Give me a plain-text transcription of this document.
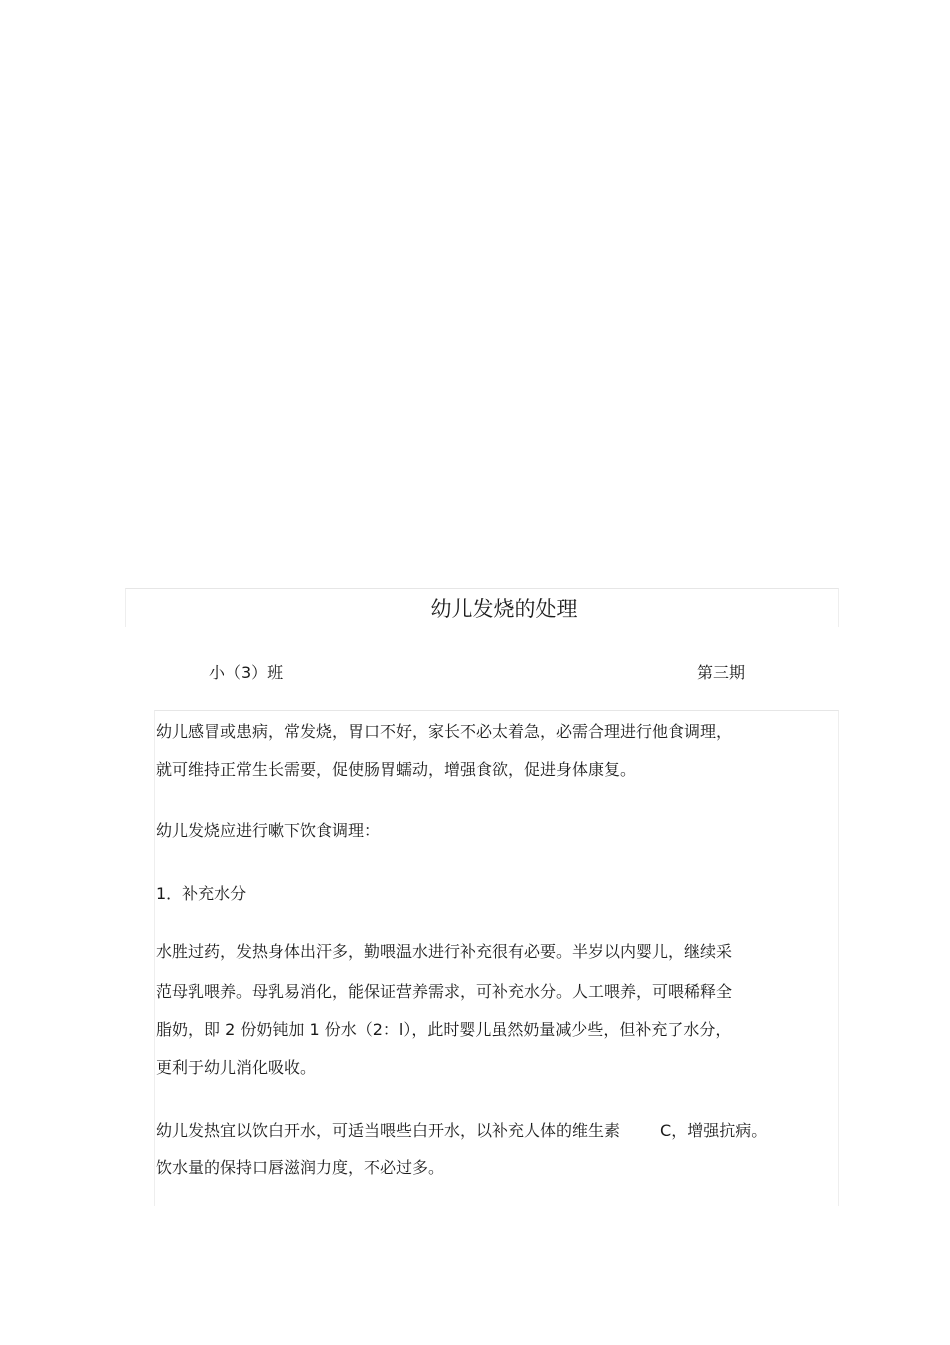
幼儿发烧的处理
小（3）班	第三期
幼儿感冒或患病，常发烧，胃口不好，家长不必太着急，必需合理进行他食调理，
就可维持正常生长需要，促使肠胃蠕动，增强食欲，促进身体康复。
幼儿发烧应进行嗽下饮食调理：
1．补充水分
水胜过药，发热身体出汗多，勤喂温水进行补充很有必要。半岁以内婴儿，继续采
范母乳喂养。母乳易消化，能保证营养需求，可补充水分。人工喂养，可喂稀释全
脂奶，即 2 份奶钝加 1 份水（2：l），此时婴儿虽然奶量减少些，但补充了水分，
更利于幼儿消化吸收。
幼儿发热宜以饮白开水，可适当喂些白开水，以补充人体的维生素	C，增强抗病。
饮水量的保持口唇滋润力度，不必过多。
